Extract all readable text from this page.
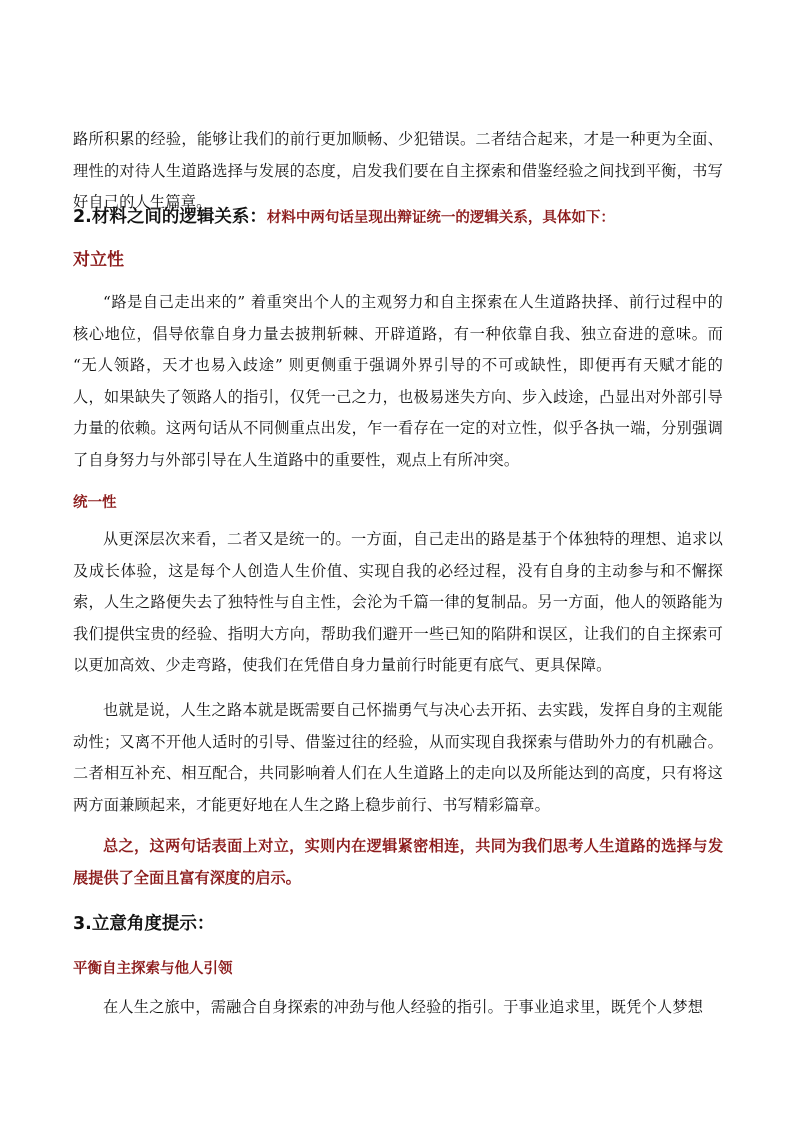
路所积累的经验，能够让我们的前行更加顺畅、少犯错误。二者结合起来，才是一种更为全面、理性的对待人生道路选择与发展的态度，启发我们要在自主探索和借鉴经验之间找到平衡，书写好自己的人生篇章。

2.材料之间的逻辑关系：材料中两句话呈现出辩证统一的逻辑关系，具体如下：
对立性

“路是自己走出来的” 着重突出个人的主观努力和自主探索在人生道路抉择、前行过程中的核心地位，倡导依靠自身力量去披荆斩棘、开辟道路，有一种依靠自我、独立奋进的意味。而 “无人领路，天才也易入歧途” 则更侧重于强调外界引导的不可或缺性，即便再有天赋才能的人，如果缺失了领路人的指引，仅凭一己之力，也极易迷失方向、步入歧途，凸显出对外部引导力量的依赖。这两句话从不同侧重点出发，乍一看存在一定的对立性，似乎各执一端，分别强调了自身努力与外部引导在人生道路中的重要性，观点上有所冲突。

统一性

从更深层次来看，二者又是统一的。一方面，自己走出的路是基于个体独特的理想、追求以及成长体验，这是每个人创造人生价值、实现自我的必经过程，没有自身的主动参与和不懈探索，人生之路便失去了独特性与自主性，会沦为千篇一律的复制品。另一方面，他人的领路能为我们提供宝贵的经验、指明大方向，帮助我们避开一些已知的陷阱和误区，让我们的自主探索可以更加高效、少走弯路，使我们在凭借自身力量前行时能更有底气、更具保障。

也就是说，人生之路本就是既需要自己怀揣勇气与决心去开拓、去实践，发挥自身的主观能动性；又离不开他人适时的引导、借鉴过往的经验，从而实现自我探索与借助外力的有机融合。二者相互补充、相互配合，共同影响着人们在人生道路上的走向以及所能达到的高度，只有将这两方面兼顾起来，才能更好地在人生之路上稳步前行、书写精彩篇章。

总之，这两句话表面上对立，实则内在逻辑紧密相连，共同为我们思考人生道路的选择与发展提供了全面且富有深度的启示。

3.立意角度提示：
平衡自主探索与他人引领

在人生之旅中，需融合自身探索的冲劲与他人经验的指引。于事业追求里，既凭个人梦想
